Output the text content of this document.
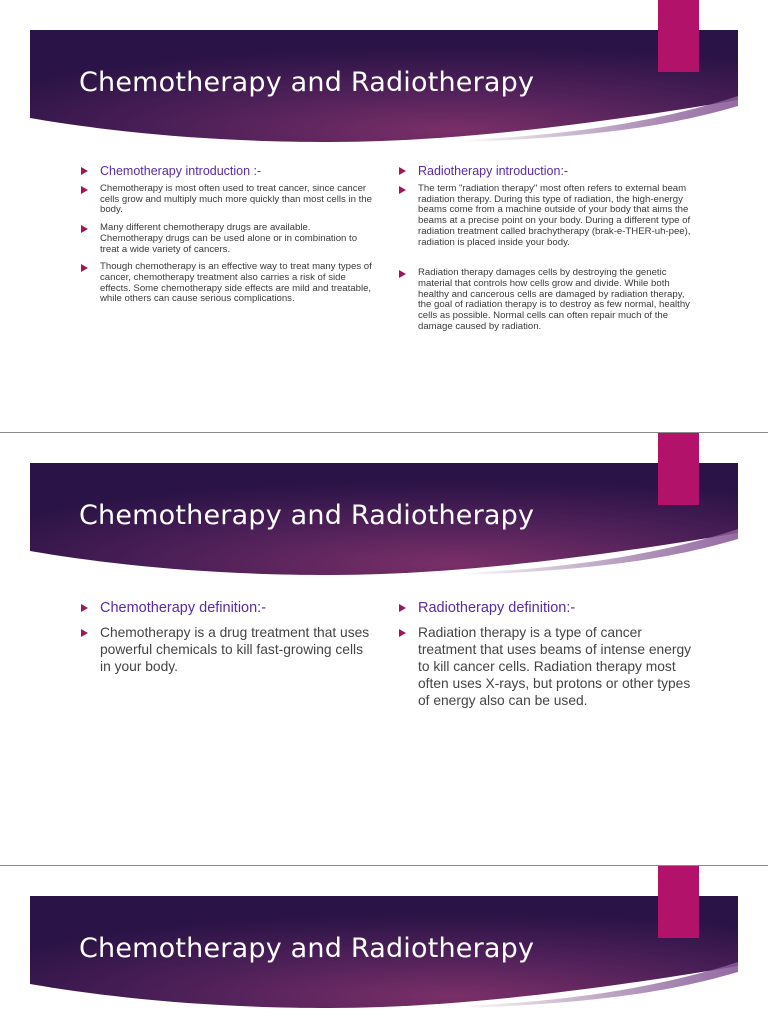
Chemotherapy and Radiotherapy
Chemotherapy introduction :-
Chemotherapy is most often used to treat cancer, since cancer cells grow and multiply much more quickly than most cells in the body.
Many different chemotherapy drugs are available. Chemotherapy drugs can be used alone or in combination to treat a wide variety of cancers.
Though chemotherapy is an effective way to treat many types of cancer, chemotherapy treatment also carries a risk of side effects. Some chemotherapy side effects are mild and treatable, while others can cause serious complications.
Radiotherapy introduction:-
The term "radiation therapy" most often refers to external beam radiation therapy. During this type of radiation, the high-energy beams come from a machine outside of your body that aims the beams at a precise point on your body. During a different type of radiation treatment called brachytherapy (brak-e-THER-uh-pee), radiation is placed inside your body.
Radiation therapy damages cells by destroying the genetic material that controls how cells grow and divide. While both healthy and cancerous cells are damaged by radiation therapy, the goal of radiation therapy is to destroy as few normal, healthy cells as possible. Normal cells can often repair much of the damage caused by radiation.
Chemotherapy and Radiotherapy
Chemotherapy definition:-
Chemotherapy is a drug treatment that uses powerful chemicals to kill fast-growing cells in your body.
Radiotherapy definition:-
Radiation therapy is a type of cancer treatment that uses beams of intense energy to kill cancer cells. Radiation therapy most often uses X-rays, but protons or other types of energy also can be used.
Chemotherapy and Radiotherapy
